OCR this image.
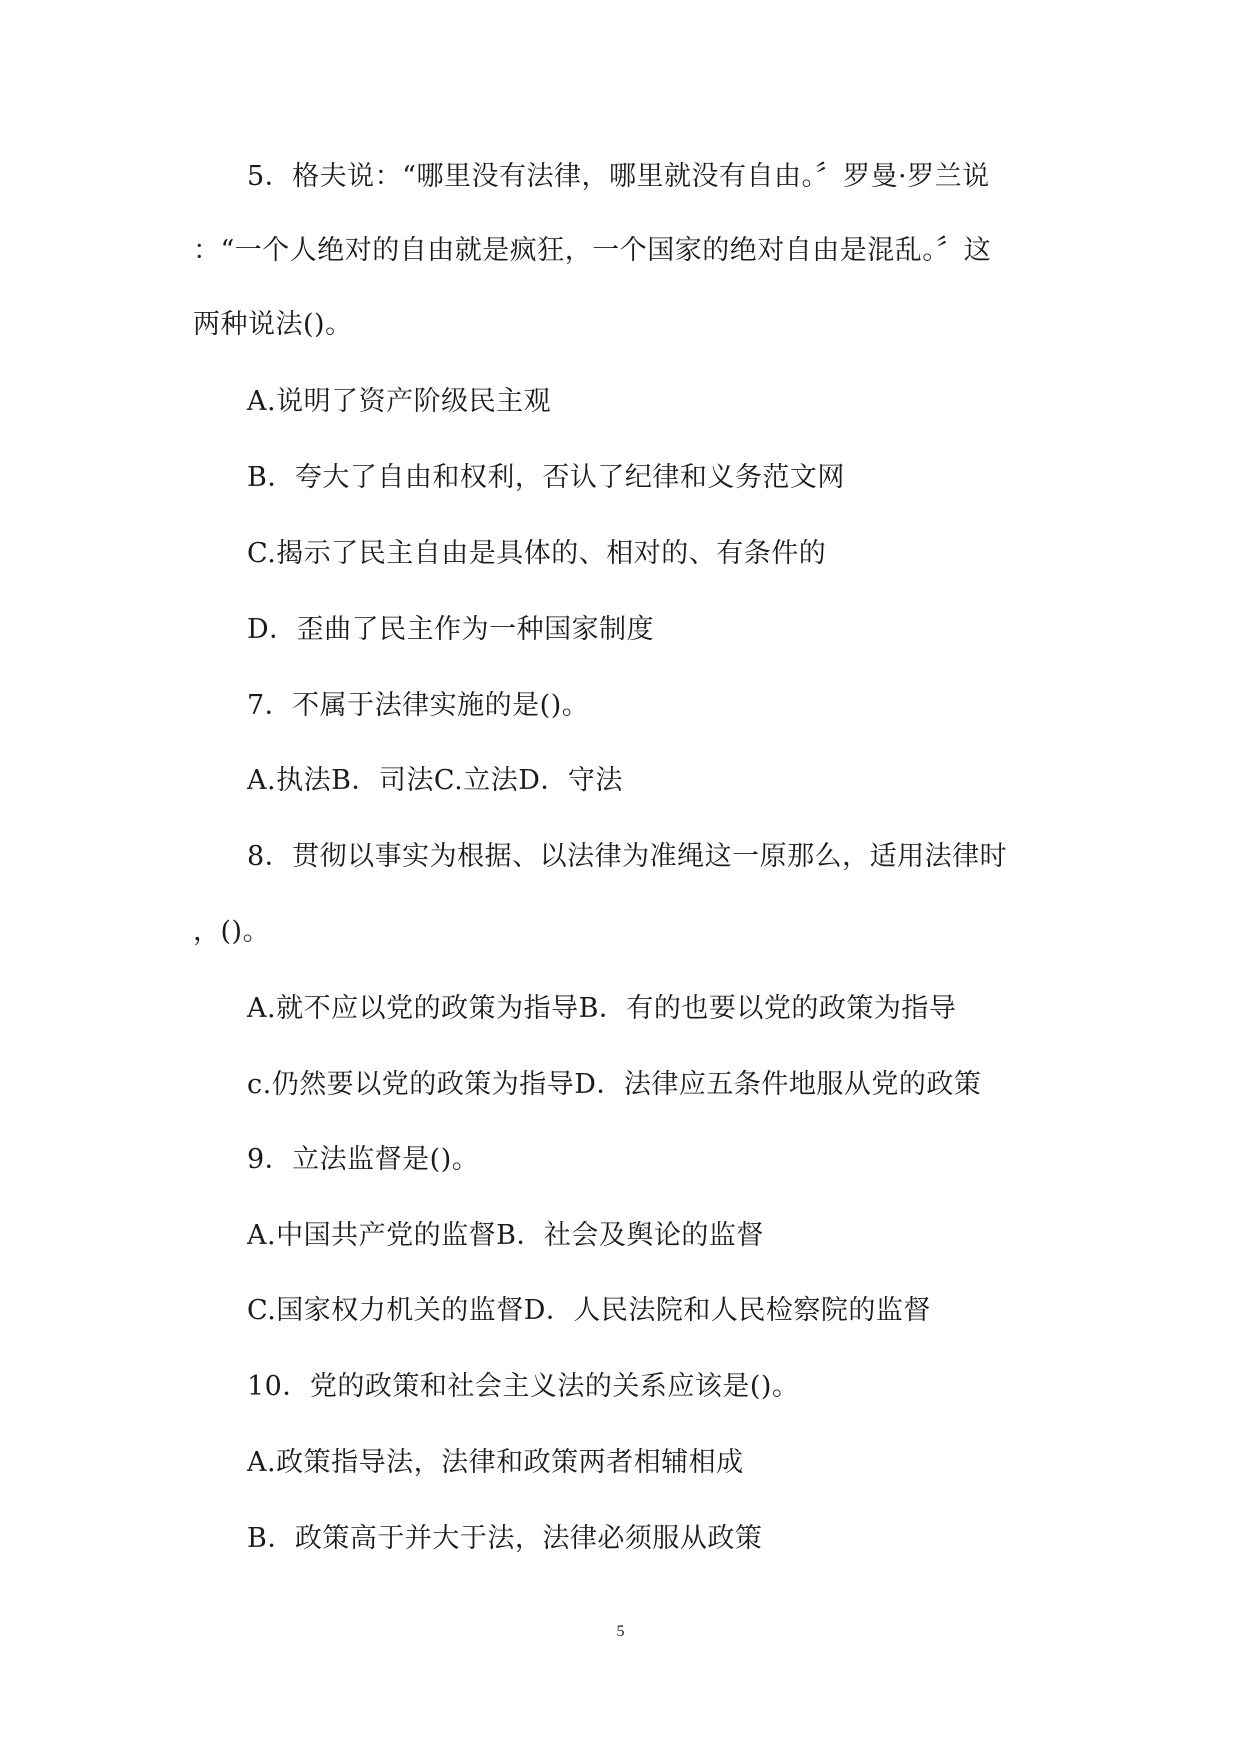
5．格夫说：“哪里没有法律，哪里就没有自由。〞罗曼·罗兰说
：“一个人绝对的自由就是疯狂，一个国家的绝对自由是混乱。〞这
两种说法()。
A.说明了资产阶级民主观
B．夸大了自由和权利，否认了纪律和义务范文网
C.揭示了民主自由是具体的、相对的、有条件的
D．歪曲了民主作为一种国家制度
7．不属于法律实施的是()。
A.执法B．司法C.立法D．守法
8．贯彻以事实为根据、以法律为准绳这一原那么，适用法律时
，()。
A.就不应以党的政策为指导B．有的也要以党的政策为指导
c.仍然要以党的政策为指导D．法律应五条件地服从党的政策
9．立法监督是()。
A.中国共产党的监督B．社会及舆论的监督
C.国家权力机关的监督D．人民法院和人民检察院的监督
10．党的政策和社会主义法的关系应该是()。
A.政策指导法，法律和政策两者相辅相成
B．政策高于并大于法，法律必须服从政策
5
